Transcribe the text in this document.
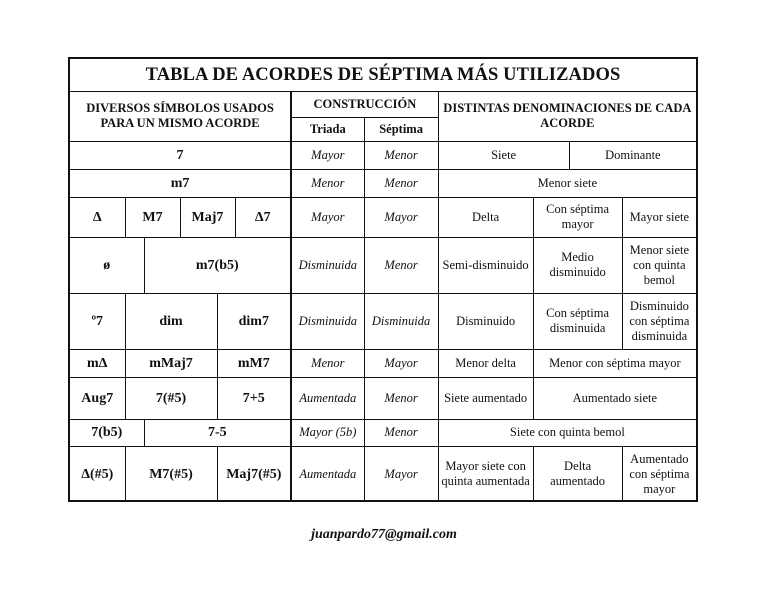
TABLA DE ACORDES DE SÉPTIMA MÁS UTILIZADOS
DIVERSOS SÍMBOLOS USADOS PARA UN MISMO ACORDE						CONSTRUCCIÓN		DISTINTAS DENOMINACIONES DE CADA ACORDE			
						Triada	Séptima				
7						Mayor	Menor	Siete		Dominante	
m7						Menor	Menor	Menor siete			
Δ	M7		Maj7		Δ7	Mayor	Mayor	Delta	Con séptima mayor		Mayor siete
ø		m7(b5)				Disminuida	Menor	Semi-disminuido	Medio disminuido		Menor siete con quinta bemol
º7	dim			dim7		Disminuida	Disminuida	Disminuido	Con séptima disminuida		Disminuido con séptima disminuida
mΔ	mMaj7			mM7		Menor	Mayor	Menor delta	Menor con séptima mayor		
Aug7	7(#5)			7+5		Aumentada	Menor	Siete aumentado	Aumentado siete		
7(b5)		7-5				Mayor (5b)	Menor	Siete con quinta bemol			
Δ(#5)	M7(#5)			Maj7(#5)		Aumentada	Mayor	Mayor siete con quinta aumentada	Delta aumentado		Aumentado con séptima mayor
juanpardo77@gmail.com
